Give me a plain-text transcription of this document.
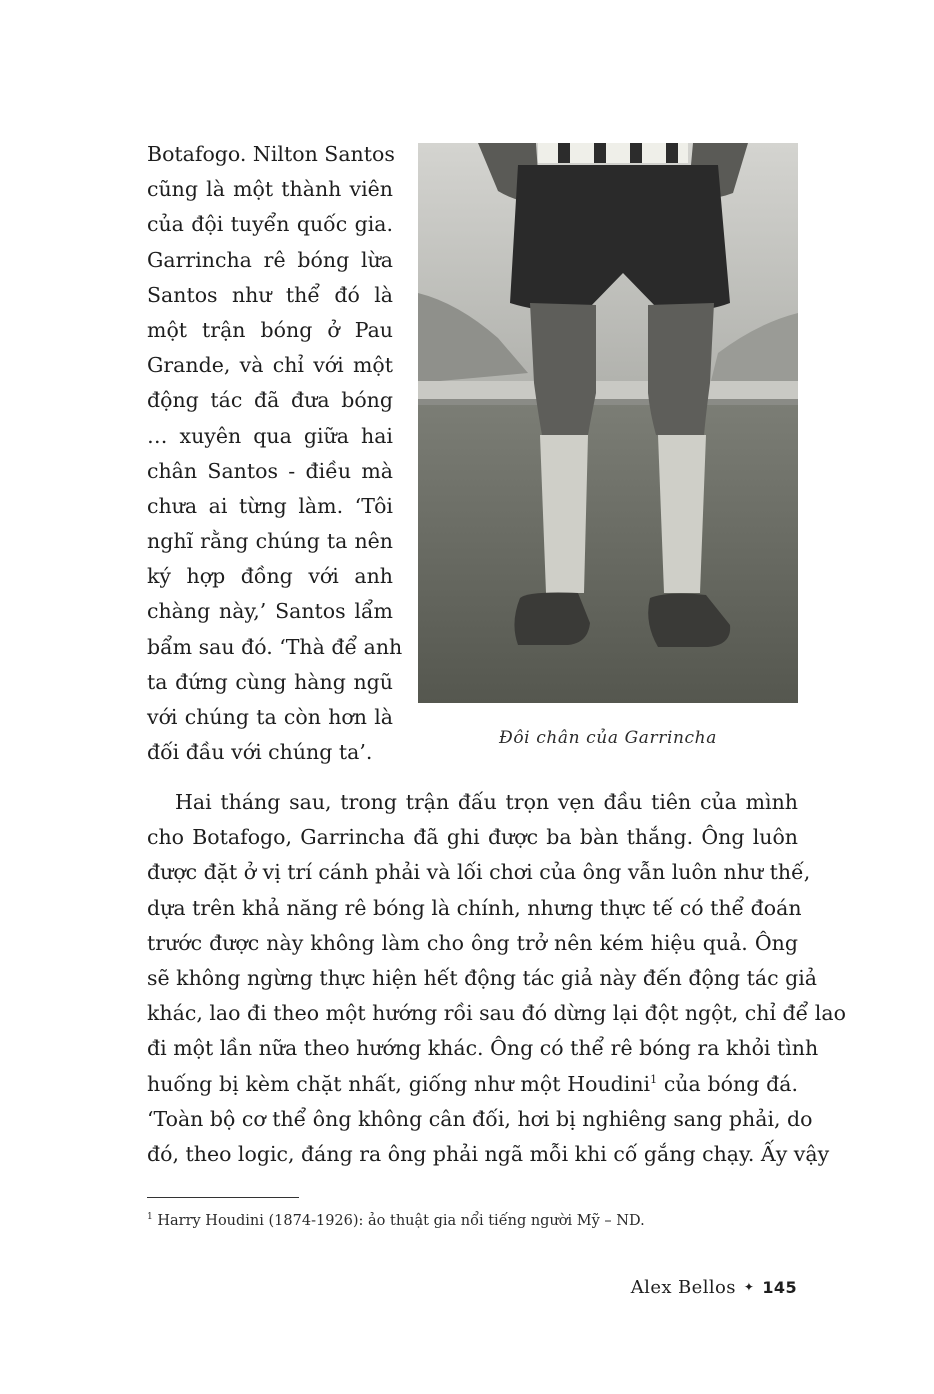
Botafogo. Nilton Santos
cũng là một thành viên
của đội tuyển quốc gia.
Garrincha rê bóng lừa
Santos như thể đó là
một trận bóng ở Pau
Grande, và chỉ với một
động tác đã đưa bóng
… xuyên qua giữa hai
chân Santos - điều mà
chưa ai từng làm. ‘Tôi
nghĩ rằng chúng ta nên
ký hợp đồng với anh
chàng này,’ Santos lẩm
bẩm sau đó. ‘Thà để anh
ta đứng cùng hàng ngũ
với chúng ta còn hơn là
đối đầu với chúng ta’.
Đôi chân của Garrincha
Hai tháng sau, trong trận đấu trọn vẹn đầu tiên của mình
cho Botafogo, Garrincha đã ghi được ba bàn thắng. Ông luôn
được đặt ở vị trí cánh phải và lối chơi của ông vẫn luôn như thế,
dựa trên khả năng rê bóng là chính, nhưng thực tế có thể đoán
trước được này không làm cho ông trở nên kém hiệu quả. Ông
sẽ không ngừng thực hiện hết động tác giả này đến động tác giả
khác, lao đi theo một hướng rồi sau đó dừng lại đột ngột, chỉ để lao
đi một lần nữa theo hướng khác. Ông có thể rê bóng ra khỏi tình
huống bị kèm chặt nhất, giống như một Houdini$^1$ của bóng đá.
‘Toàn bộ cơ thể ông không cân đối, hơi bị nghiêng sang phải, do
đó, theo logic, đáng ra ông phải ngã mỗi khi cố gắng chạy. Ấy vậy
$^1$ Harry Houdini (1874-1926): ảo thuật gia nổi tiếng người Mỹ – ND.
Alex Bellos ✦ 145
